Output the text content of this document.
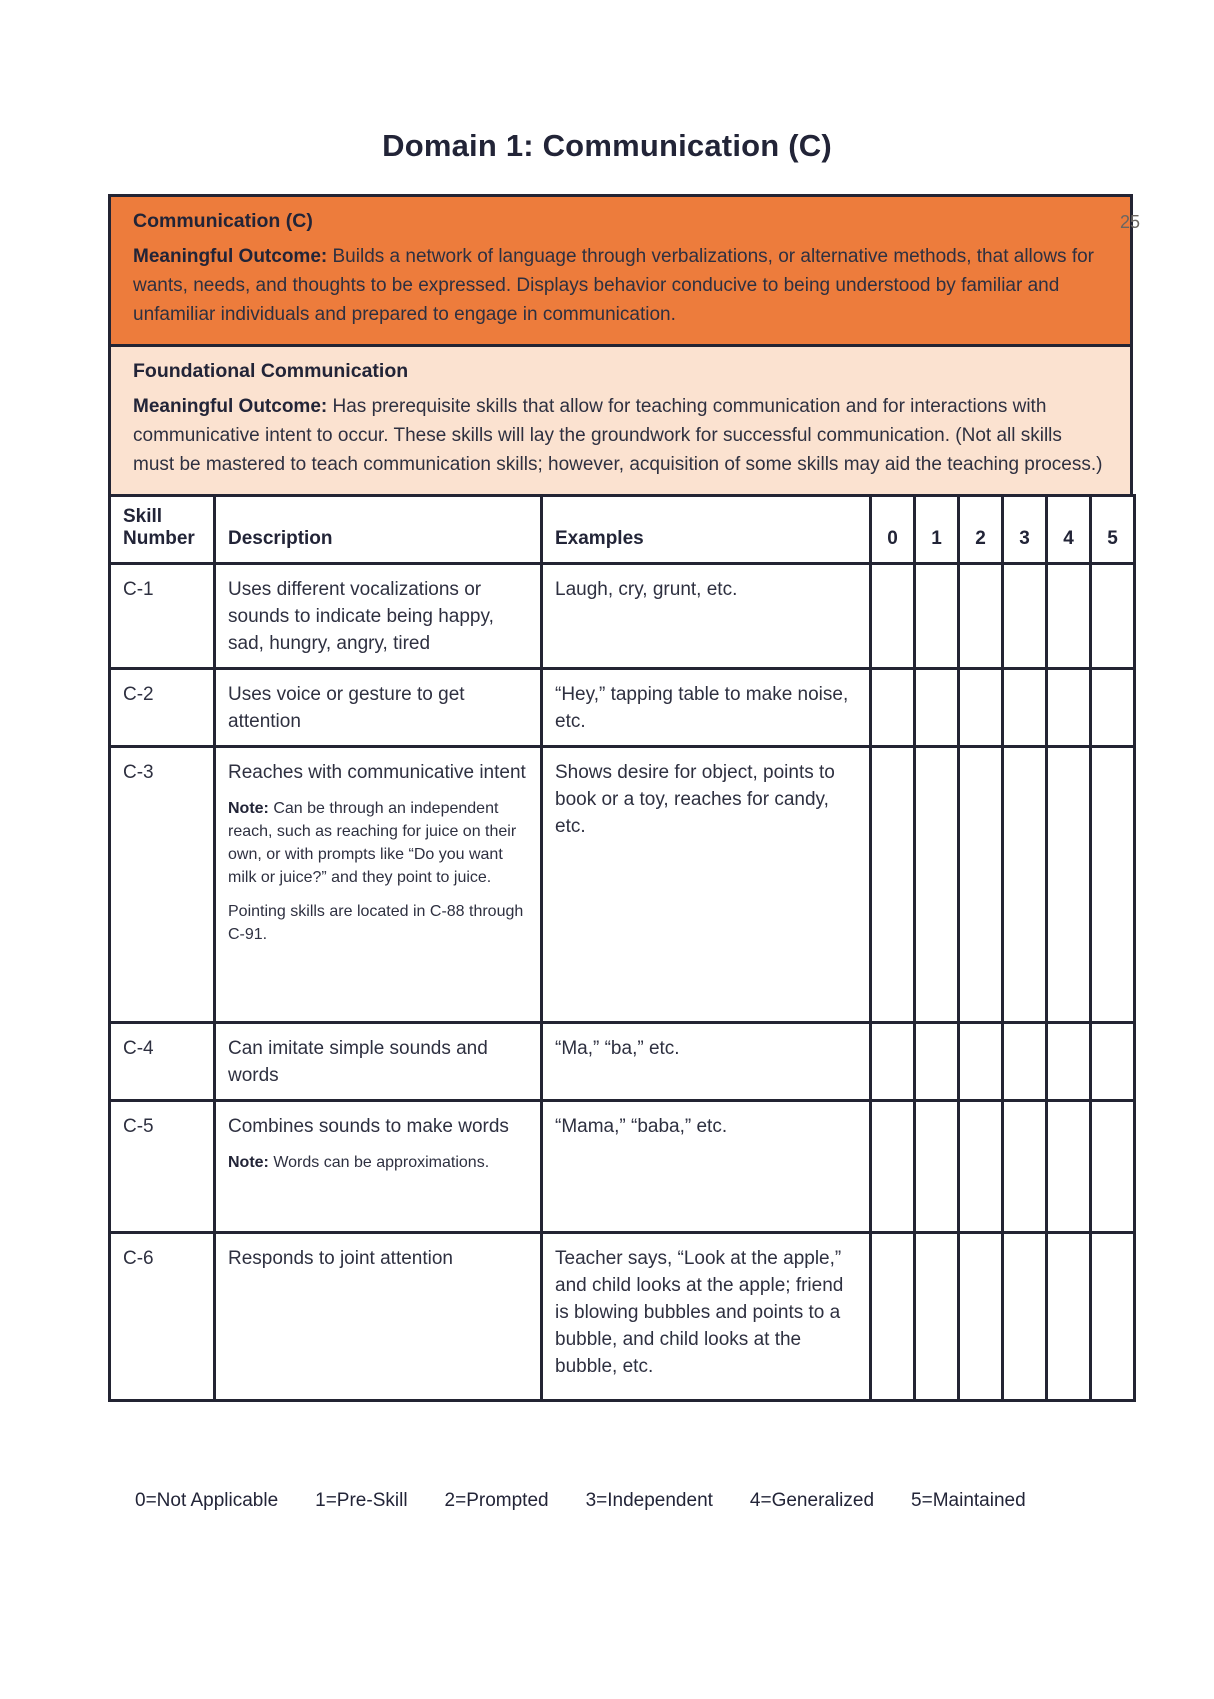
25
Domain 1: Communication (C)
Communication (C)
Meaningful Outcome: Builds a network of language through verbalizations, or alternative methods, that allows for wants, needs, and thoughts to be expressed. Displays behavior conducive to being understood by familiar and unfamiliar individuals and prepared to engage in communication.
Foundational Communication
Meaningful Outcome: Has prerequisite skills that allow for teaching communication and for interactions with communicative intent to occur. These skills will lay the groundwork for successful communication. (Not all skills must be mastered to teach communication skills; however, acquisition of some skills may aid the teaching process.)
Skill Number	Description	Examples	0	1	2	3	4	5
C-1	Uses different vocalizations or sounds to indicate being happy, sad, hungry, angry, tired	Laugh, cry, grunt, etc.						
C-2	Uses voice or gesture to get attention	“Hey,” tapping table to make noise, etc.						
C-3	Reaches with communicative intent

Note: Can be through an independent reach, such as reaching for juice on their own, or with prompts like “Do you want milk or juice?” and they point to juice.

Pointing skills are located in C-88 through C-91.	Shows desire for object, points to book or a toy, reaches for candy, etc.						
C-4	Can imitate simple sounds and words	“Ma,” “ba,” etc.						
C-5	Combines sounds to make words

Note: Words can be approximations.	“Mama,” “baba,” etc.						
C-6	Responds to joint attention	Teacher says, “Look at the apple,” and child looks at the apple; friend is blowing bubbles and points to a bubble, and child looks at the bubble, etc.						
0=Not Applicable 1=Pre-Skill 2=Prompted 3=Independent 4=Generalized 5=Maintained
